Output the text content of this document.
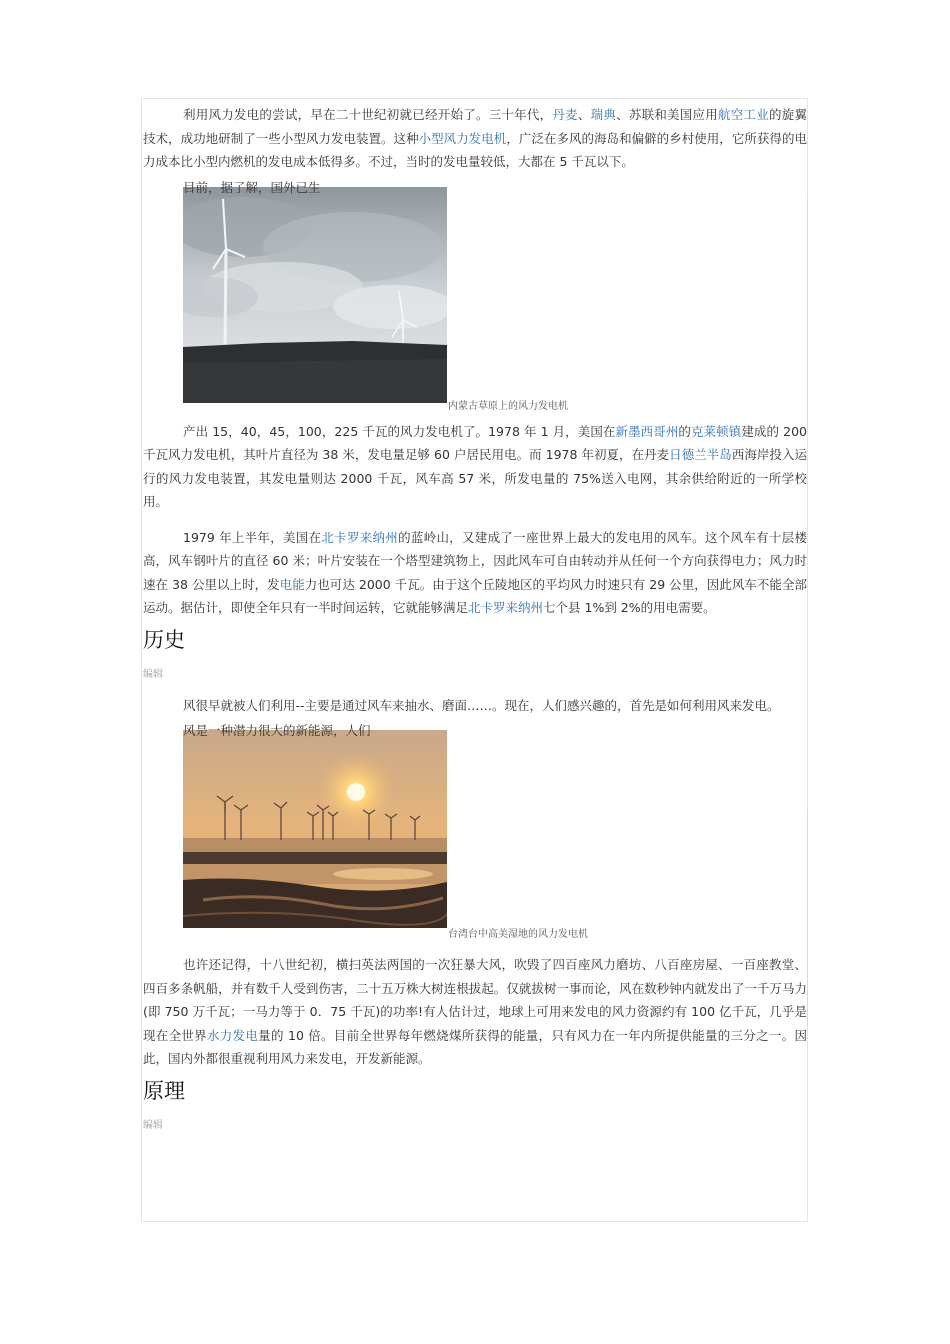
利用风力发电的尝试，早在二十世纪初就已经开始了。三十年代，丹麦、瑞典、苏联和美国应用航空工业的旋翼技术，成功地研制了一些小型风力发电装置。这种小型风力发电机，广泛在多风的海岛和偏僻的乡村使用，它所获得的电力成本比小型内燃机的发电成本低得多。不过，当时的发电量较低，大都在 5 千瓦以下。

目前，据了解，国外已生
内蒙古草原上的风力发电机

产出 15，40，45，100，225 千瓦的风力发电机了。1978 年 1 月，美国在新墨西哥州的克莱顿镇建成的 200 千瓦风力发电机，其叶片直径为 38 米，发电量足够 60 户居民用电。而 1978 年初夏，在丹麦日德兰半岛西海岸投入运行的风力发电装置，其发电量则达 2000 千瓦，风车高 57 米，所发电量的 75%送入电网，其余供给附近的一所学校用。

1979 年上半年，美国在北卡罗来纳州的蓝岭山，又建成了一座世界上最大的发电用的风车。这个风车有十层楼高，风车钢叶片的直径 60 米；叶片安装在一个塔型建筑物上，因此风车可自由转动并从任何一个方向获得电力；风力时速在 38 公里以上时，发电能力也可达 2000 千瓦。由于这个丘陵地区的平均风力时速只有 29 公里，因此风车不能全部运动。据估计，即使全年只有一半时间运转，它就能够满足北卡罗来纳州七个县 1%到 2%的用电需要。

历史
编辑

风很早就被人们利用--主要是通过风车来抽水、磨面……。现在，人们感兴趣的，首先是如何利用风来发电。

风是一种潜力很大的新能源，人们
台湾台中高美湿地的风力发电机

也许还记得，十八世纪初，横扫英法两国的一次狂暴大风，吹毁了四百座风力磨坊、八百座房屋、一百座教堂、四百多条帆船，并有数千人受到伤害，二十五万株大树连根拔起。仅就拔树一事而论，风在数秒钟内就发出了一千万马力(即 750 万千瓦；一马力等于 0．75 千瓦)的功率!有人估计过，地球上可用来发电的风力资源约有 100 亿千瓦，几乎是现在全世界水力发电量的 10 倍。目前全世界每年燃烧煤所获得的能量，只有风力在一年内所提供能量的三分之一。因此，国内外都很重视利用风力来发电，开发新能源。

原理
编辑
